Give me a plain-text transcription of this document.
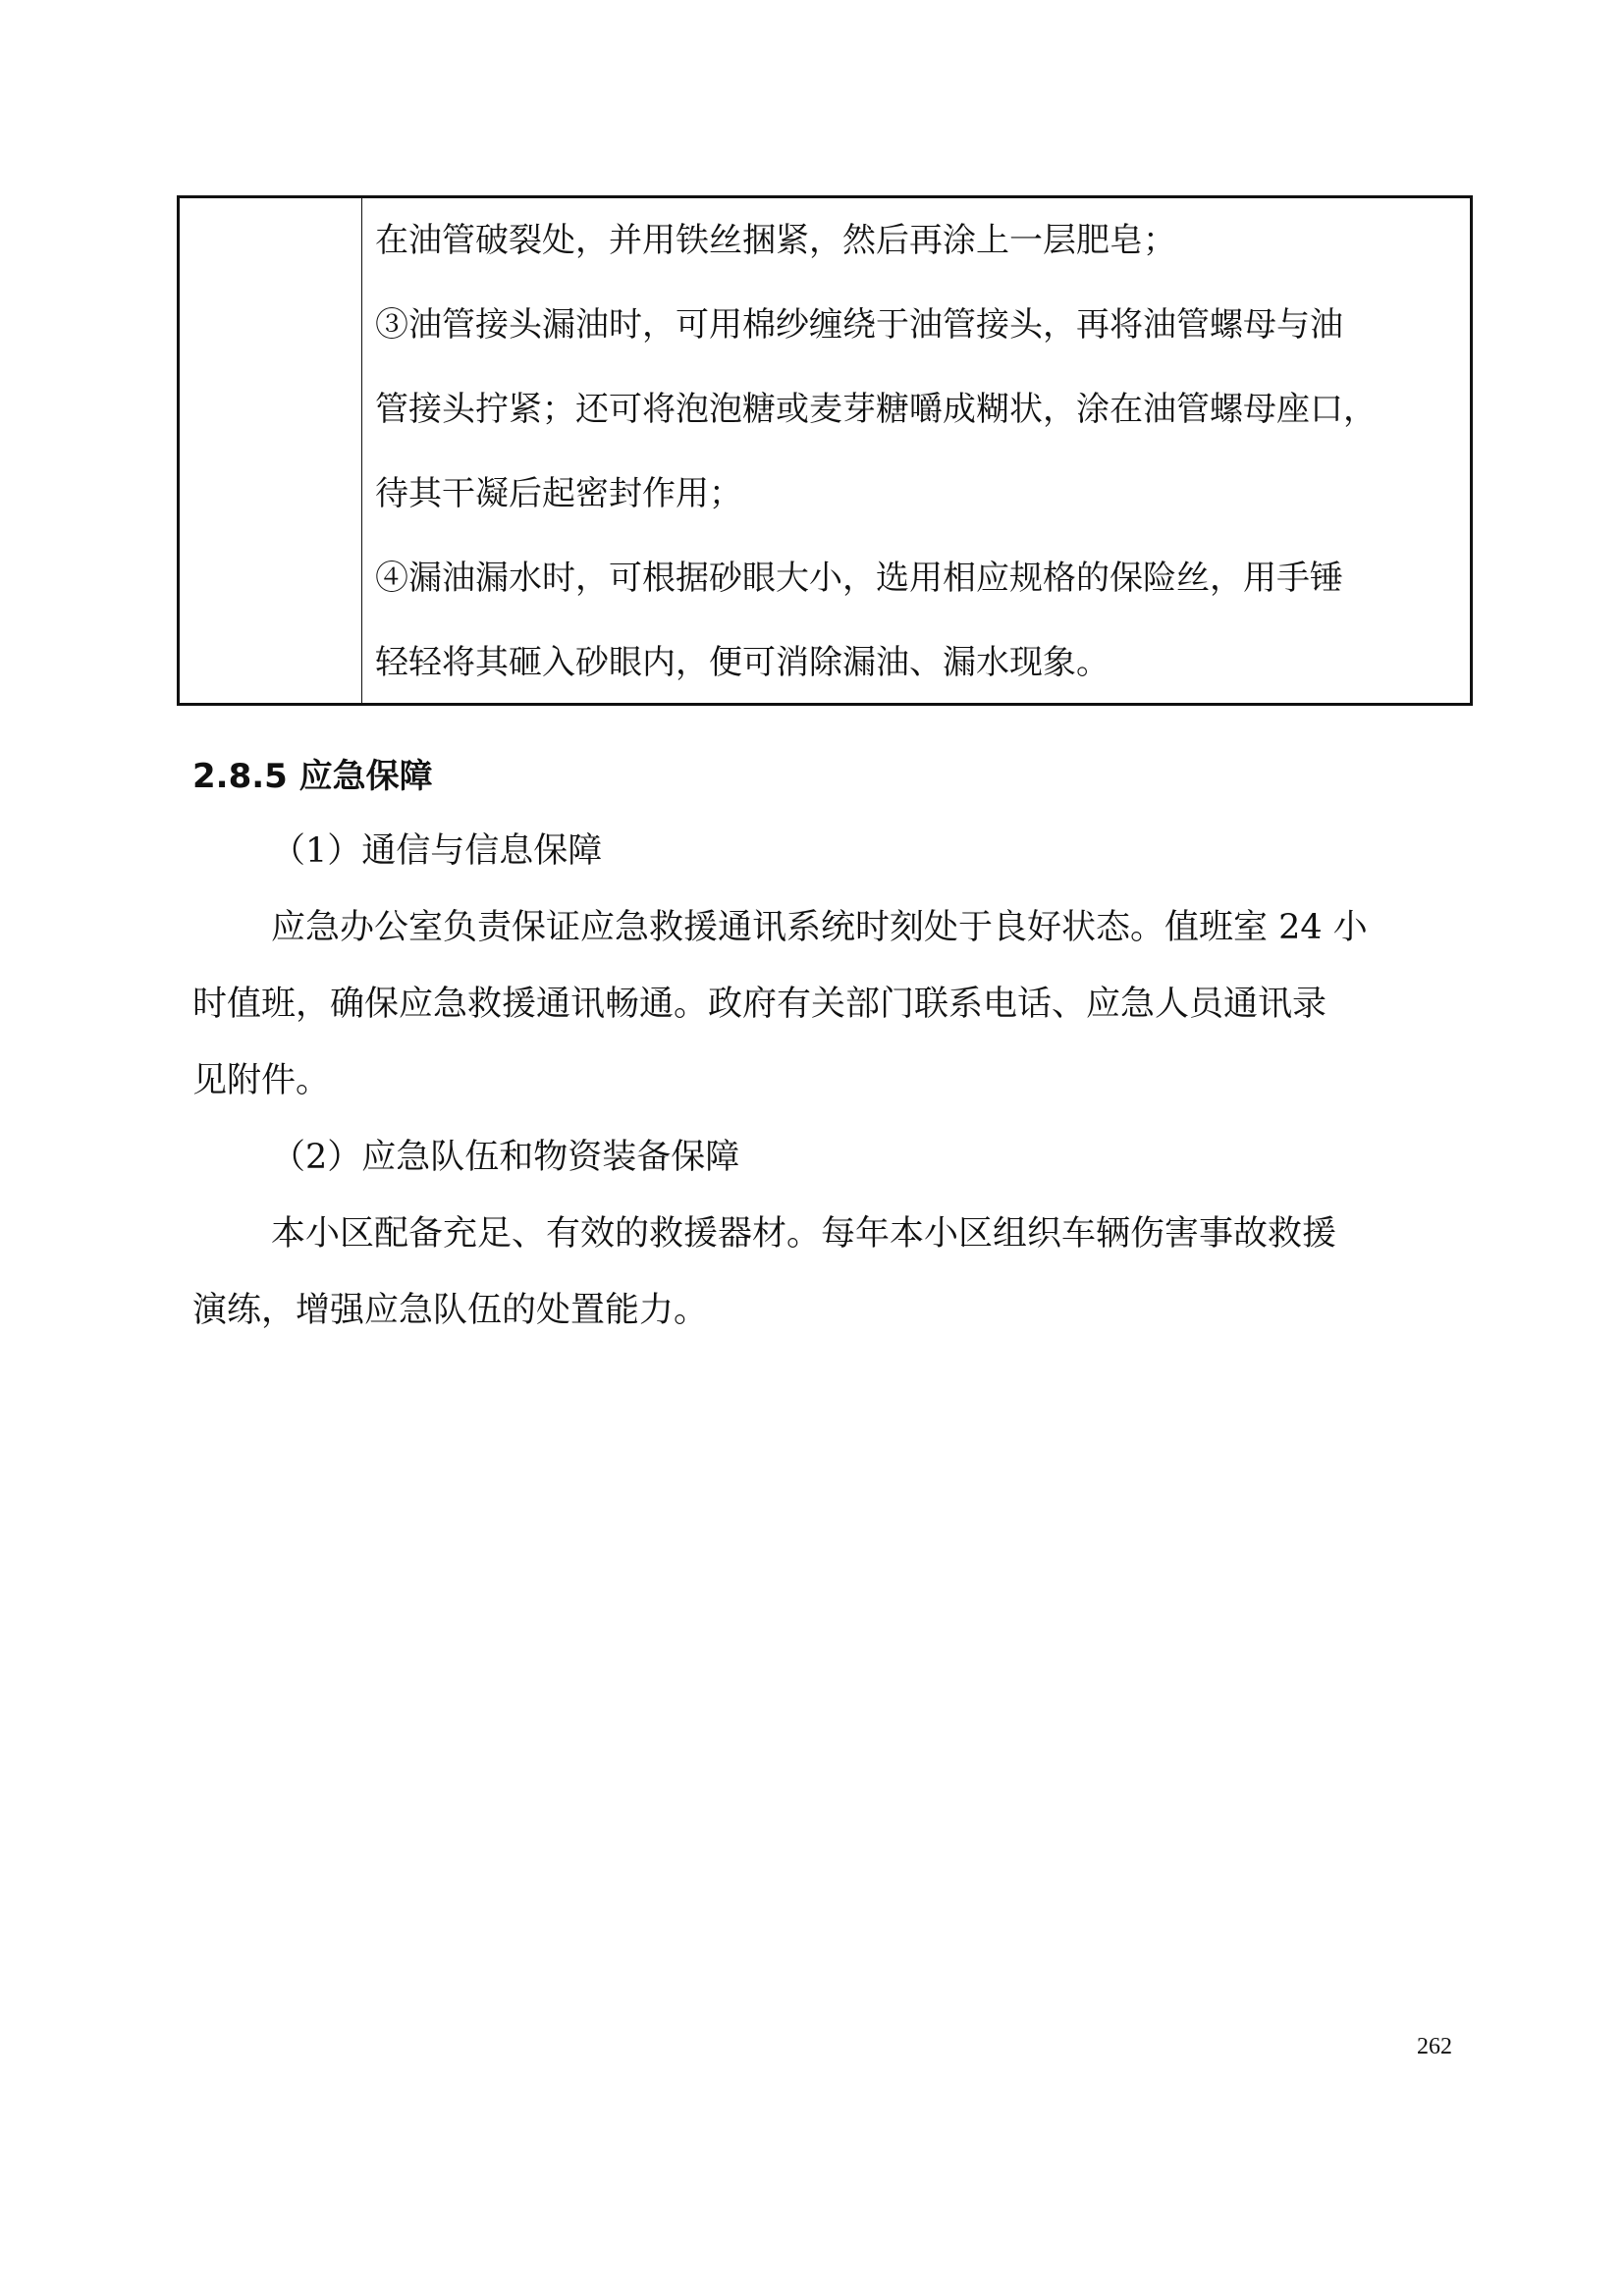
在油管破裂处，并用铁丝捆紧，然后再涂上一层肥皂；
③油管接头漏油时，可用棉纱缠绕于油管接头，再将油管螺母与油
管接头拧紧；还可将泡泡糖或麦芽糖嚼成糊状，涂在油管螺母座口，
待其干凝后起密封作用；
④漏油漏水时，可根据砂眼大小，选用相应规格的保险丝，用手锤
轻轻将其砸入砂眼内，便可消除漏油、漏水现象。
2.8.5 应急保障
（1）通信与信息保障
应急办公室负责保证应急救援通讯系统时刻处于良好状态。值班室 24 小
时值班，确保应急救援通讯畅通。政府有关部门联系电话、应急人员通讯录
见附件。
（2）应急队伍和物资装备保障
本小区配备充足、有效的救援器材。每年本小区组织车辆伤害事故救援
演练，增强应急队伍的处置能力。
262
